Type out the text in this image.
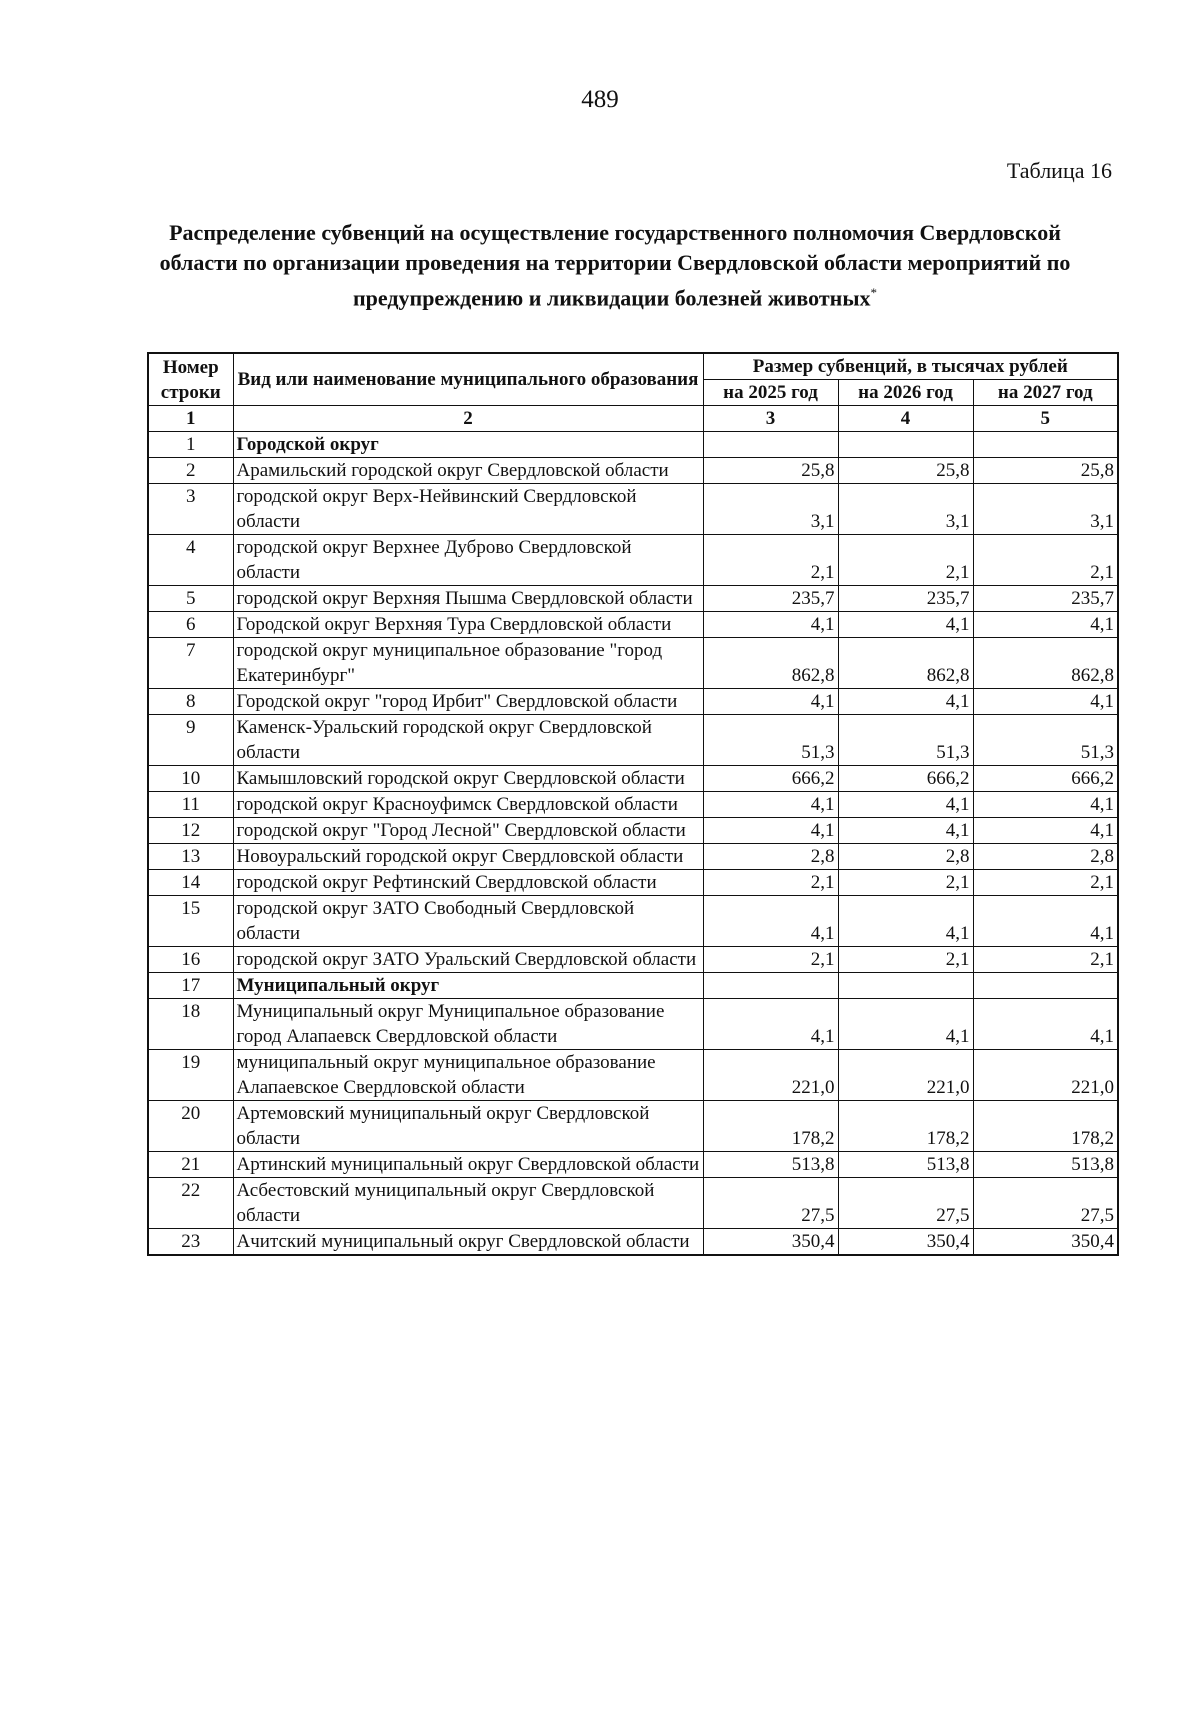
489
Таблица 16
Распределение субвенций на осуществление государственного полномочия Свердловской области по организации проведения на территории Свердловской области мероприятий по предупреждению и ликвидации болезней животных*
Номер строки	Вид или наименование муниципального образования	Размер субвенций, в тысячах рублей		
		на 2025 год	на 2026 год	на 2027 год
1	2	3	4	5
1	Городской округ			
2	Арамильский городской округ Свердловской области	25,8	25,8	25,8
3	городской округ Верх-Нейвинский Свердловской области	3,1	3,1	3,1
4	городской округ Верхнее Дуброво Свердловской области	2,1	2,1	2,1
5	городской округ Верхняя Пышма Свердловской области	235,7	235,7	235,7
6	Городской округ Верхняя Тура Свердловской области	4,1	4,1	4,1
7	городской округ муниципальное образование "город Екатеринбург"	862,8	862,8	862,8
8	Городской округ "город Ирбит" Свердловской области	4,1	4,1	4,1
9	Каменск-Уральский городской округ Свердловской области	51,3	51,3	51,3
10	Камышловский городской округ Свердловской области	666,2	666,2	666,2
11	городской округ Красноуфимск Свердловской области	4,1	4,1	4,1
12	городской округ "Город Лесной" Свердловской области	4,1	4,1	4,1
13	Новоуральский городской округ Свердловской области	2,8	2,8	2,8
14	городской округ Рефтинский Свердловской области	2,1	2,1	2,1
15	городской округ ЗАТО Свободный Свердловской области	4,1	4,1	4,1
16	городской округ ЗАТО Уральский Свердловской области	2,1	2,1	2,1
17	Муниципальный округ			
18	Муниципальный округ Муниципальное образование город Алапаевск Свердловской области	4,1	4,1	4,1
19	муниципальный округ муниципальное образование Алапаевское Свердловской области	221,0	221,0	221,0
20	Артемовский муниципальный округ Свердловской области	178,2	178,2	178,2
21	Артинский муниципальный округ Свердловской области	513,8	513,8	513,8
22	Асбестовский муниципальный округ Свердловской области	27,5	27,5	27,5
23	Ачитский муниципальный округ Свердловской области	350,4	350,4	350,4
